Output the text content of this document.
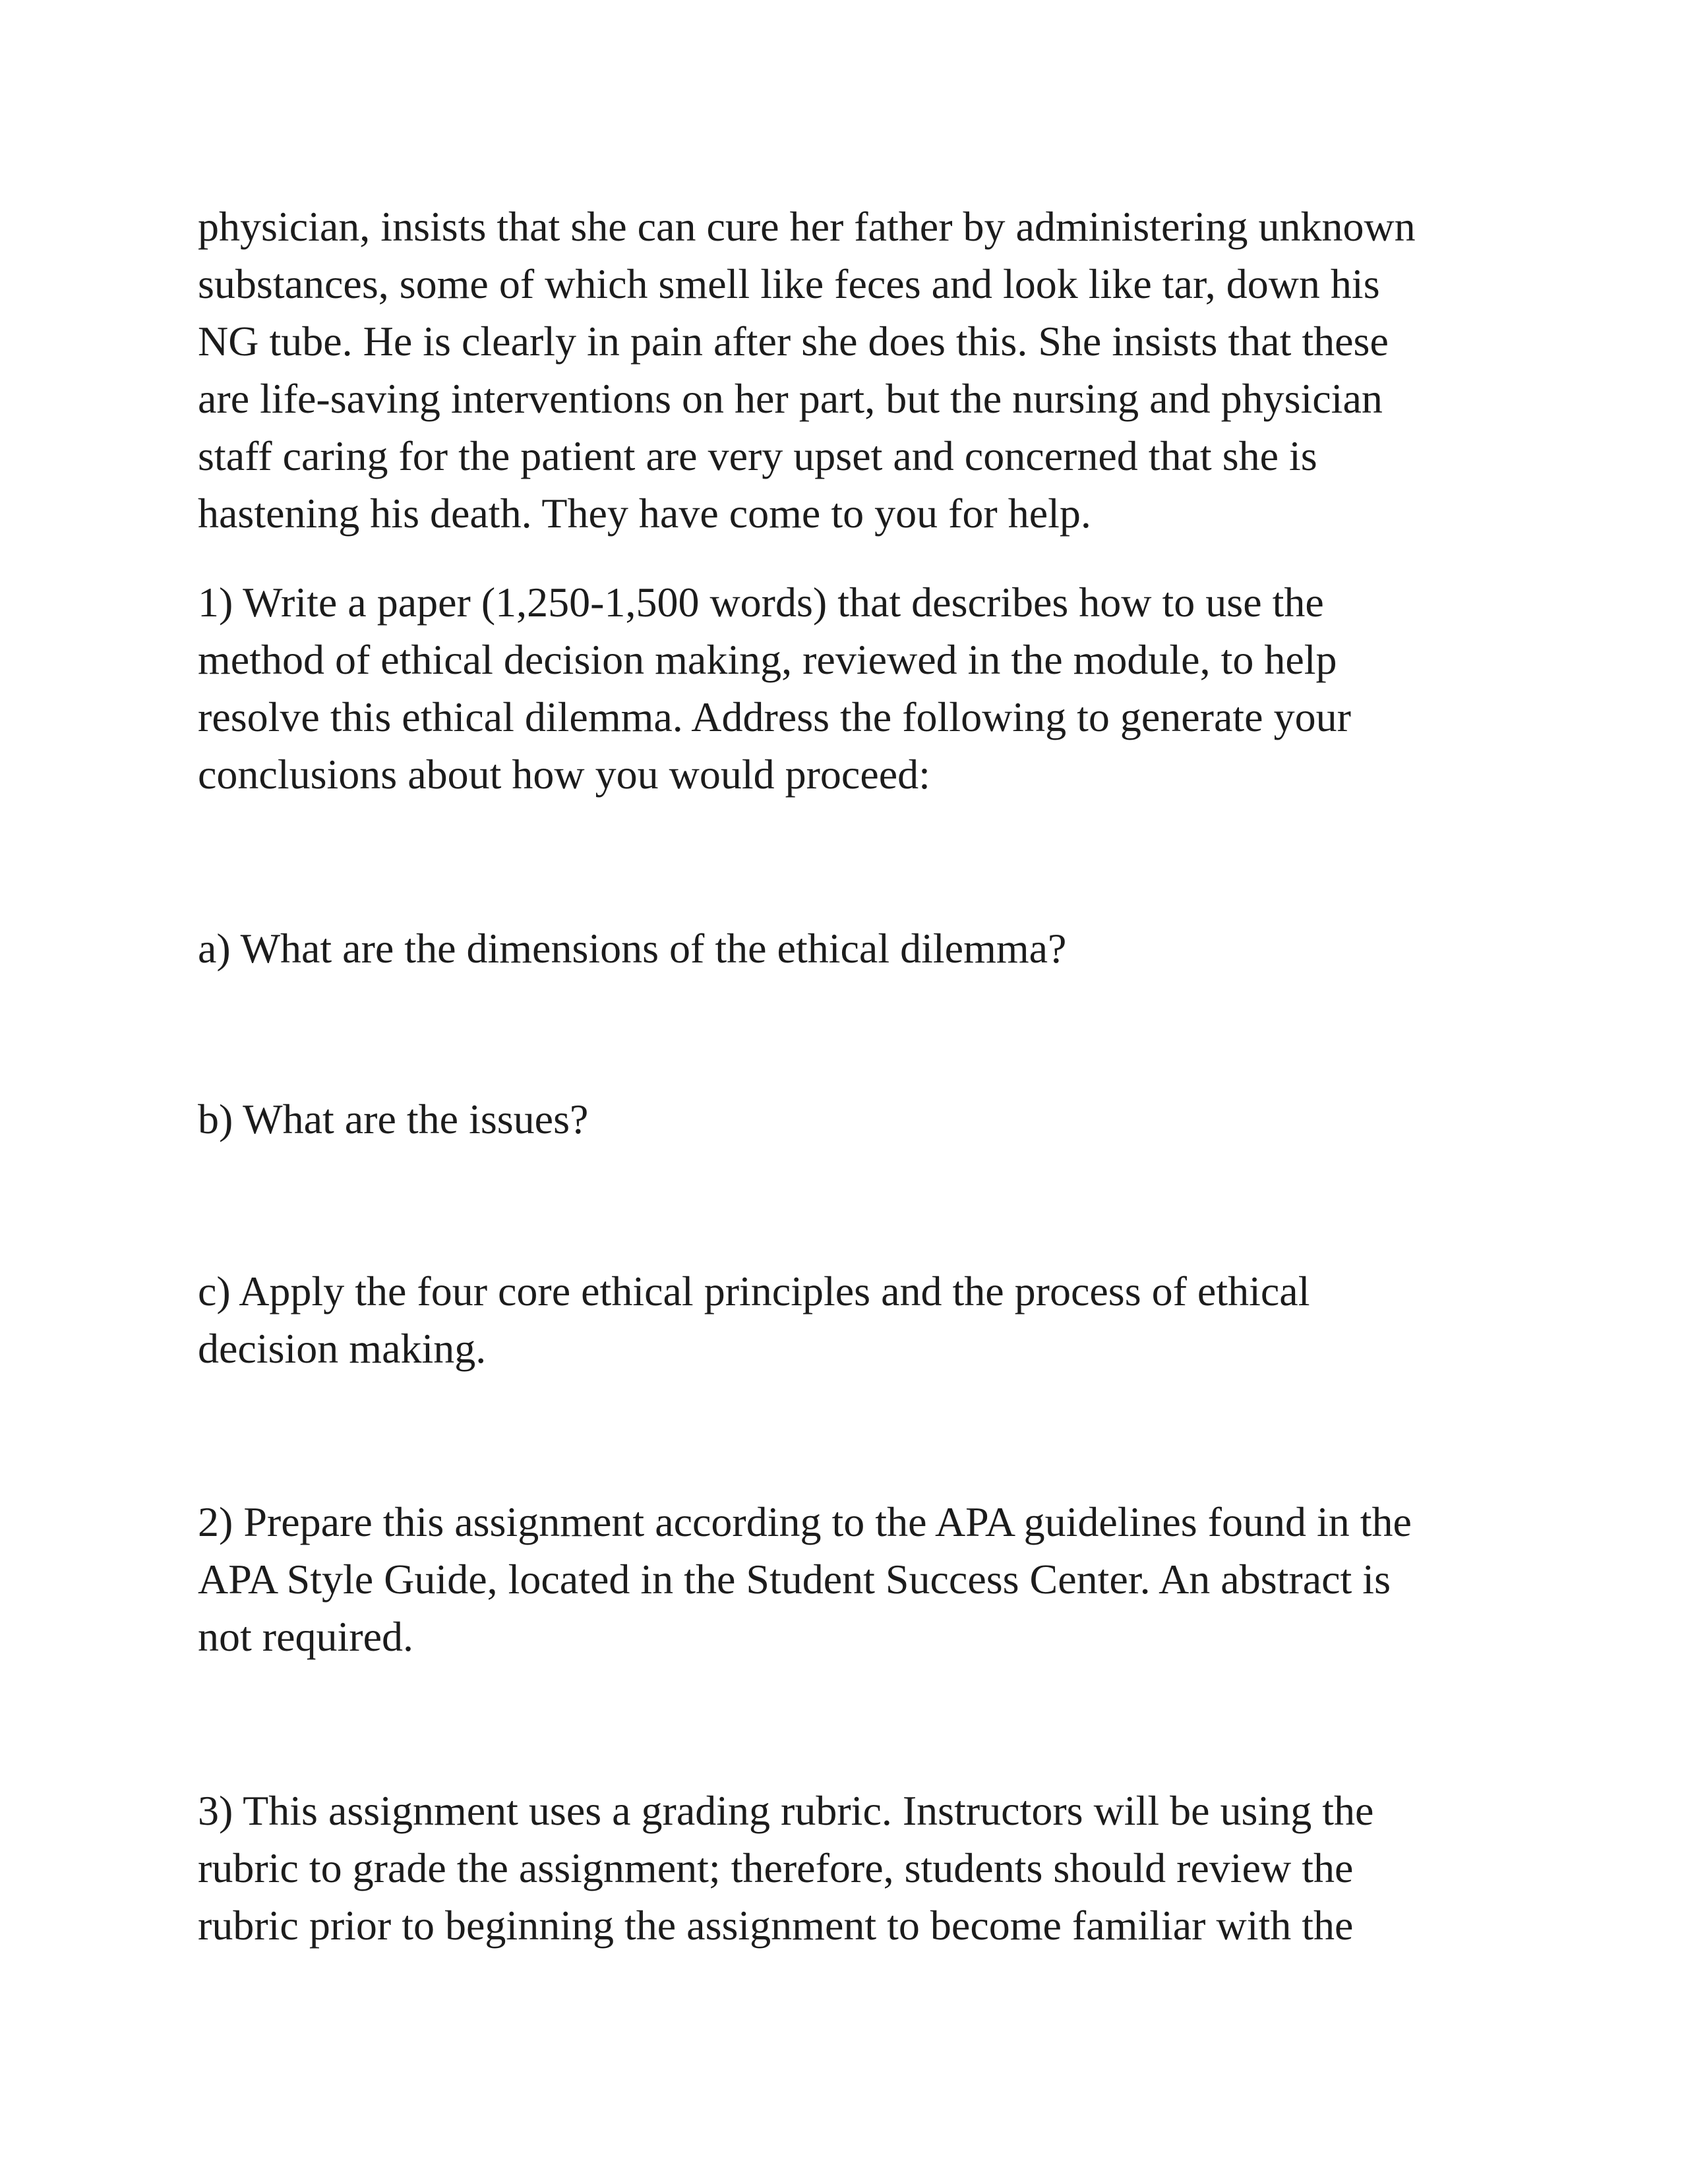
physician, insists that she can cure her father by administering unknown
substances, some of which smell like feces and look like tar, down his
NG tube. He is clearly in pain after she does this. She insists that these
are life-saving interventions on her part, but the nursing and physician
staff caring for the patient are very upset and concerned that she is
hastening his death. They have come to you for help.

1) Write a paper (1,250-1,500 words) that describes how to use the
method of ethical decision making, reviewed in the module, to help
resolve this ethical dilemma. Address the following to generate your
conclusions about how you would proceed:

a) What are the dimensions of the ethical dilemma?

b) What are the issues?

c) Apply the four core ethical principles and the process of ethical
decision making.

2) Prepare this assignment according to the APA guidelines found in the
APA Style Guide, located in the Student Success Center. An abstract is
not required.

3) This assignment uses a grading rubric. Instructors will be using the
rubric to grade the assignment; therefore, students should review the
rubric prior to beginning the assignment to become familiar with the
